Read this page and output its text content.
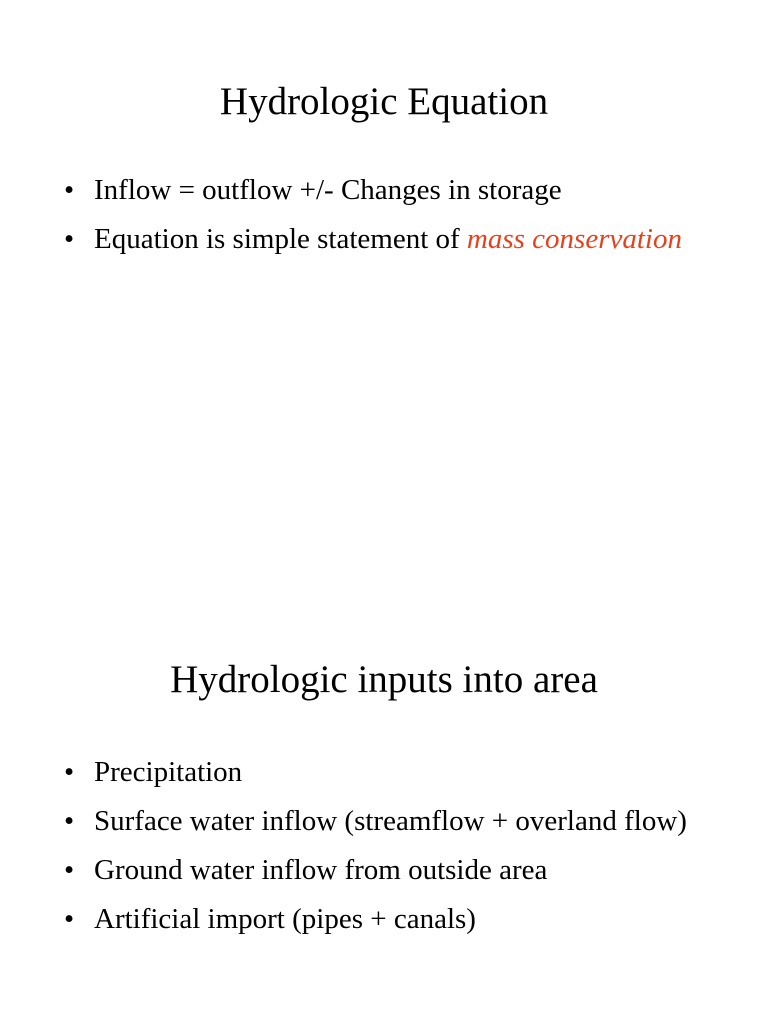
Hydrologic Equation
• Inflow = outflow +/- Changes in storage
• Equation is simple statement of mass conservation
Hydrologic inputs into area
• Precipitation
• Surface water inflow (streamflow + overland flow)
• Ground water inflow from outside area
• Artificial import (pipes + canals)
